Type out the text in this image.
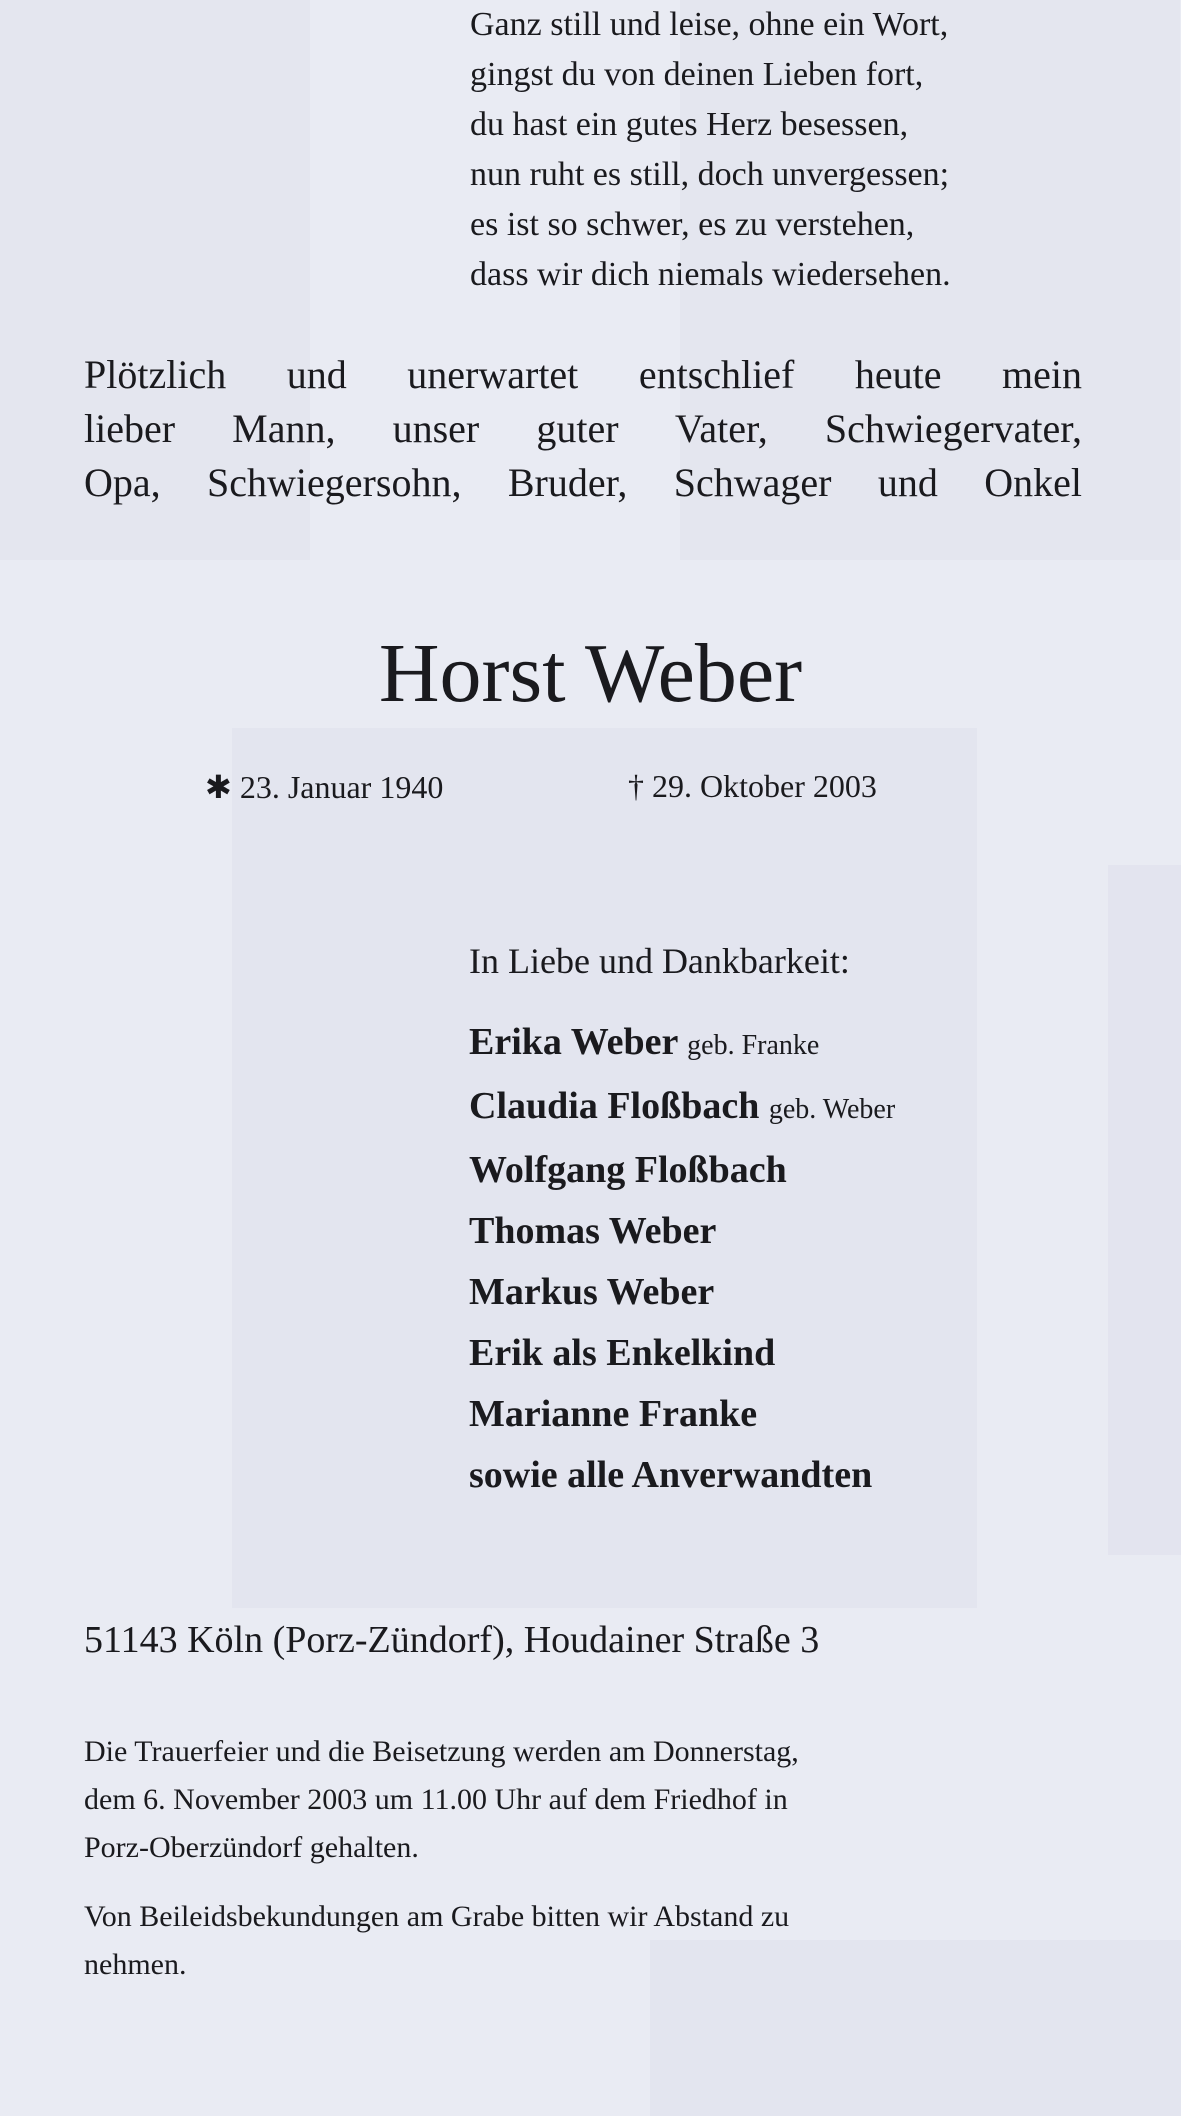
Ganz still und leise, ohne ein Wort,
gingst du von deinen Lieben fort,
du hast ein gutes Herz besessen,
nun ruht es still, doch unvergessen;
es ist so schwer, es zu verstehen,
dass wir dich niemals wiedersehen.
Plötzlich und unerwartet entschlief heute mein
lieber Mann, unser guter Vater, Schwiegervater,
Opa, Schwiegersohn, Bruder, Schwager und Onkel
Horst Weber
✱ 23. Januar 1940	† 29. Oktober 2003
In Liebe und Dankbarkeit:
Erika Weber geb. Franke
Claudia Floßbach geb. Weber
Wolfgang Floßbach
Thomas Weber
Markus Weber
Erik als Enkelkind
Marianne Franke
sowie alle Anverwandten
51143 Köln (Porz-Zündorf), Houdainer Straße 3
Die Trauerfeier und die Beisetzung werden am Donnerstag,
dem 6. November 2003 um 11.00 Uhr auf dem Friedhof in
Porz-Oberzündorf gehalten.
Von Beileidsbekundungen am Grabe bitten wir Abstand zu
nehmen.
